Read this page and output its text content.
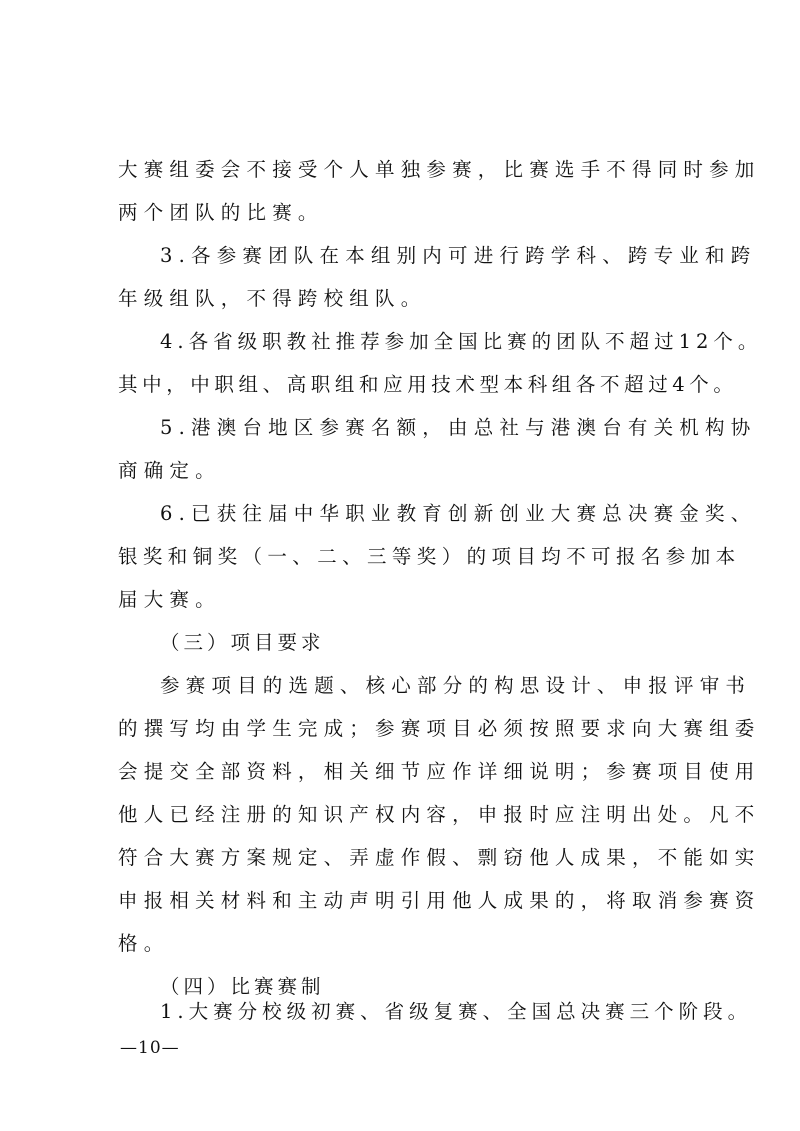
大赛组委会不接受个人单独参赛，比赛选手不得同时参加
两个团队的比赛。
3.各参赛团队在本组别内可进行跨学科、跨专业和跨
年级组队，不得跨校组队。
4.各省级职教社推荐参加全国比赛的团队不超过12个。
其中，中职组、高职组和应用技术型本科组各不超过4个。
5.港澳台地区参赛名额，由总社与港澳台有关机构协
商确定。
6.已获往届中华职业教育创新创业大赛总决赛金奖、
银奖和铜奖（一、二、三等奖）的项目均不可报名参加本
届大赛。
（三）项目要求
参赛项目的选题、核心部分的构思设计、申报评审书
的撰写均由学生完成；参赛项目必须按照要求向大赛组委
会提交全部资料，相关细节应作详细说明；参赛项目使用
他人已经注册的知识产权内容，申报时应注明出处。凡不
符合大赛方案规定、弄虚作假、剽窃他人成果，不能如实
申报相关材料和主动声明引用他人成果的，将取消参赛资
格。
（四）比赛赛制
1.大赛分校级初赛、省级复赛、全国总决赛三个阶段。
—10—
